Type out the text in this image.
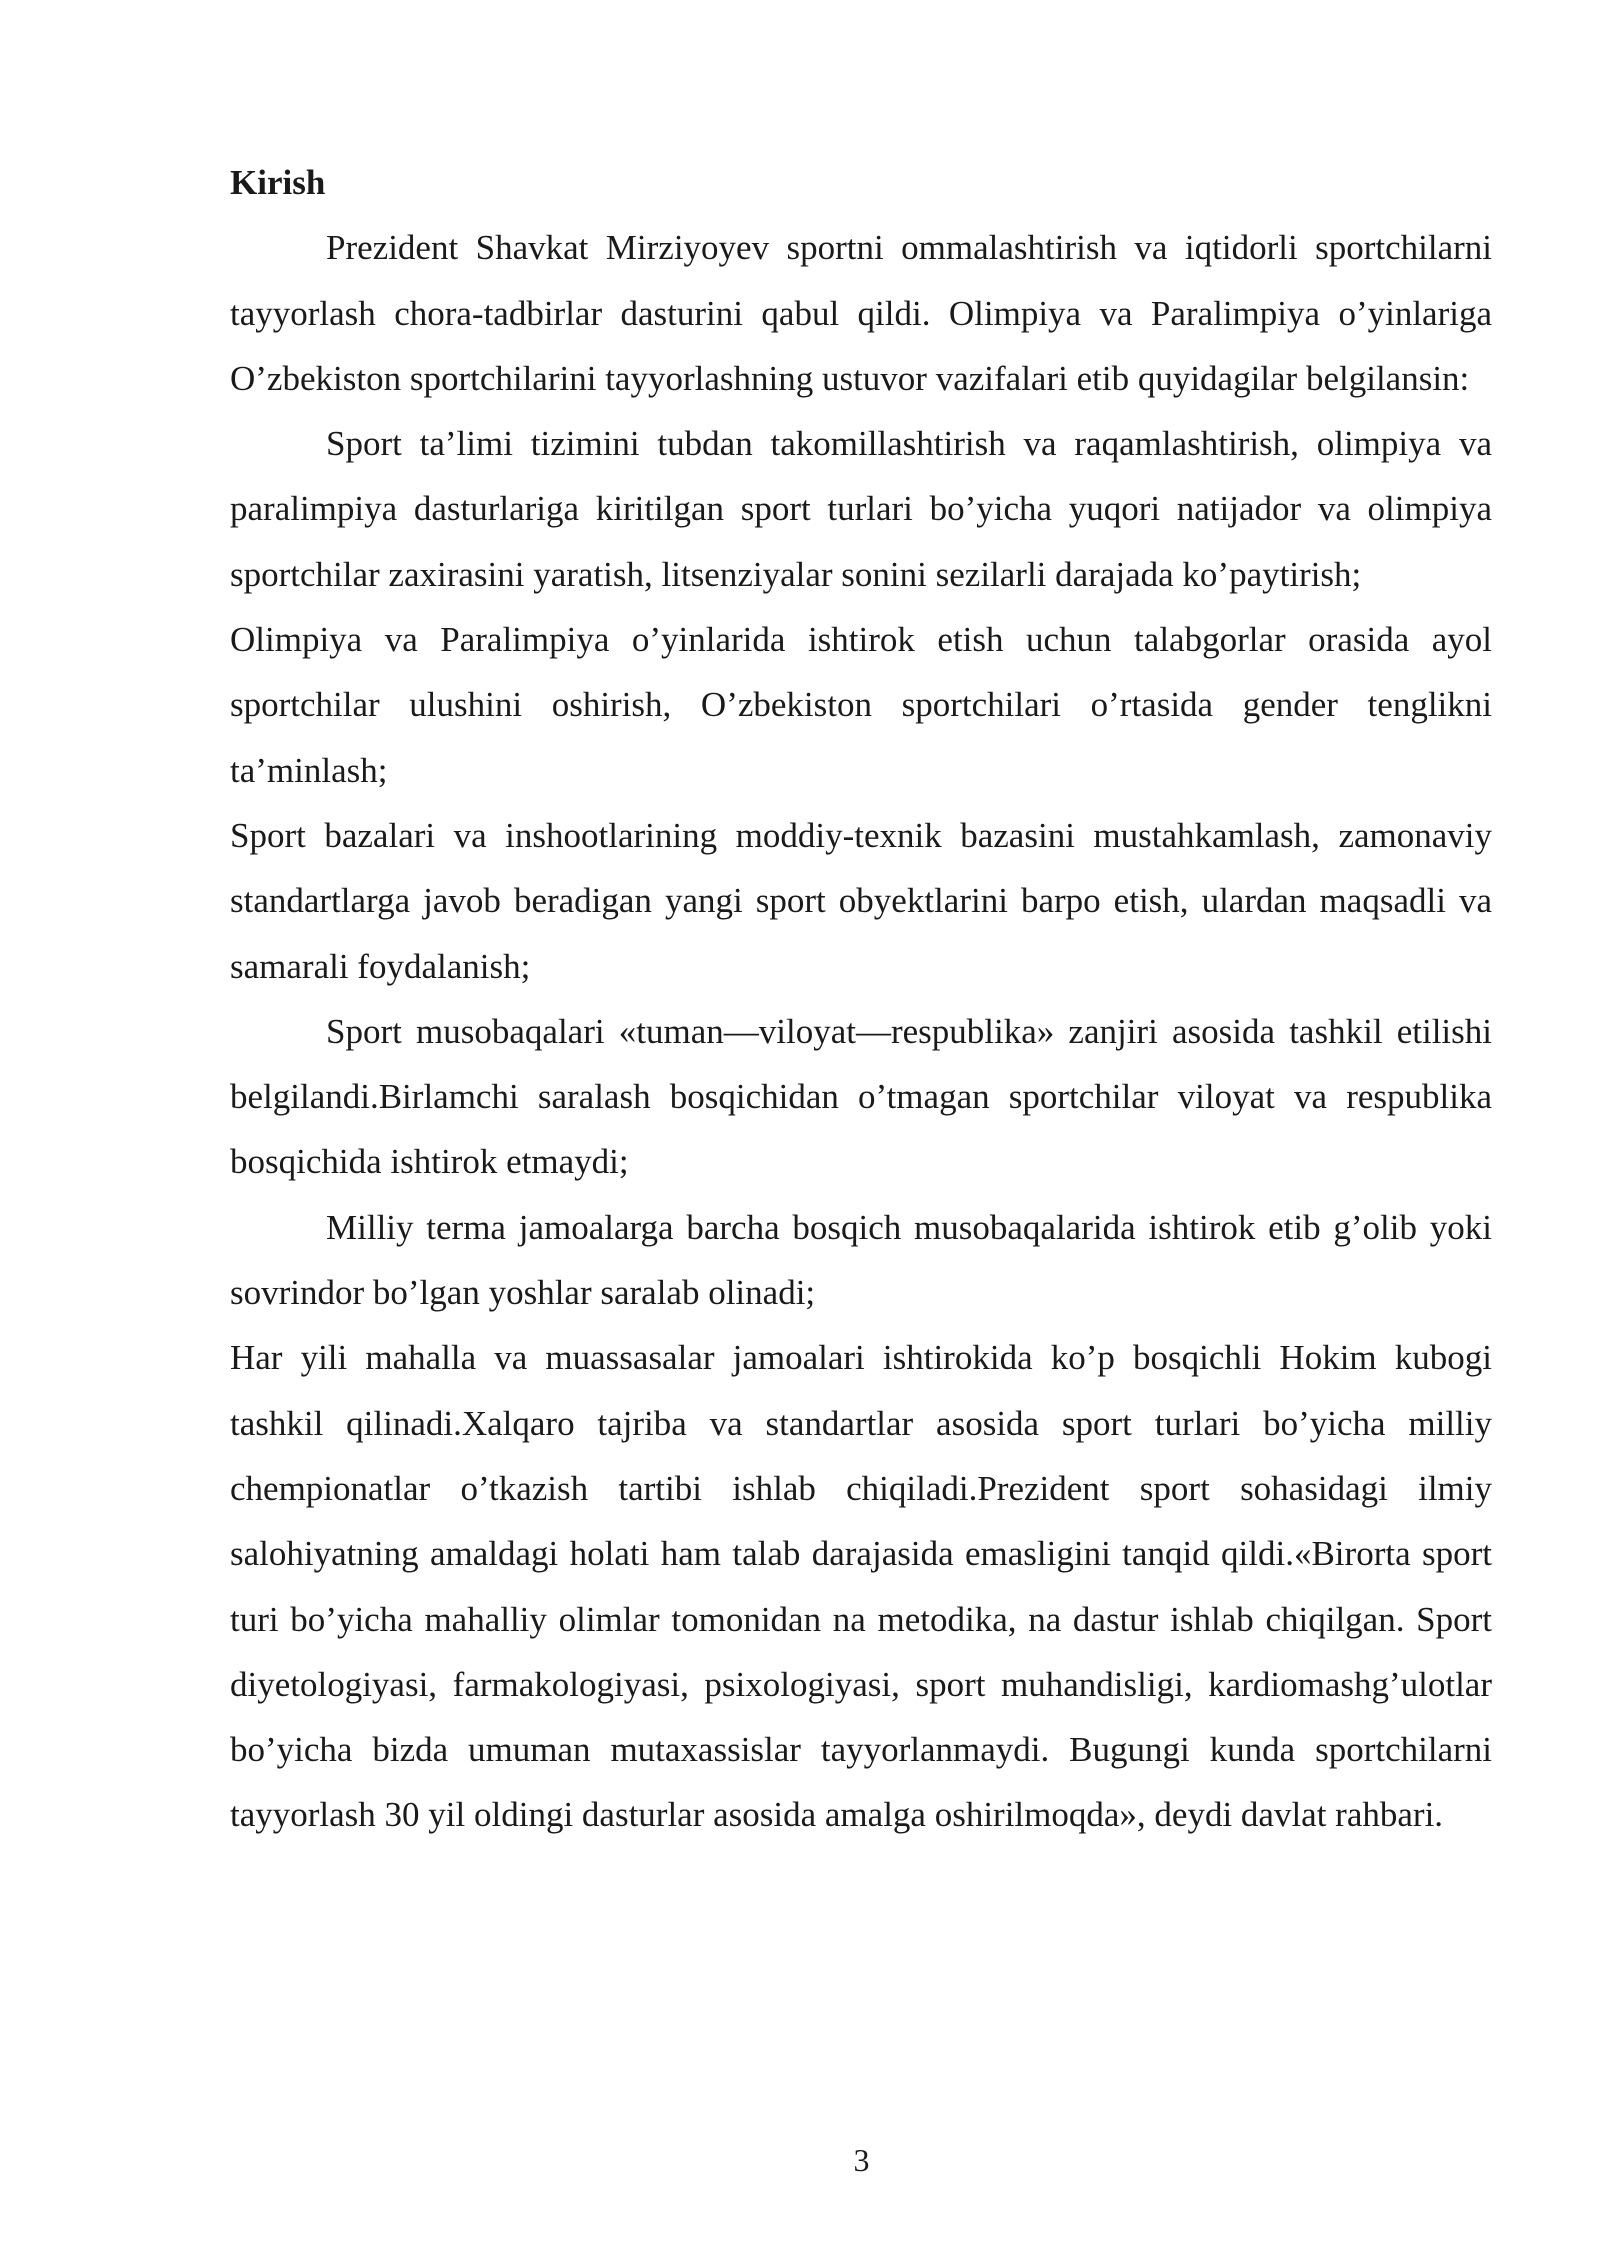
Kirish

Prezident Shavkat Mirziyoyev sportni ommalashtirish va iqtidorli sportchilarni tayyorlash chora-tadbirlar dasturini qabul qildi. Olimpiya va Paralimpiya o’yinlariga O’zbekiston sportchilarini tayyorlashning ustuvor vazifalari etib quyidagilar belgilansin:

Sport ta’limi tizimini tubdan takomillashtirish va raqamlashtirish, olimpiya va paralimpiya dasturlariga kiritilgan sport turlari bo’yicha yuqori natijador va olimpiya sportchilar zaxirasini yaratish, litsenziyalar sonini sezilarli darajada ko’paytirish;

Olimpiya va Paralimpiya o’yinlarida ishtirok etish uchun talabgorlar orasida ayol sportchilar ulushini oshirish, O’zbekiston sportchilari o’rtasida gender tenglikni ta’minlash;

Sport bazalari va inshootlarining moddiy-texnik bazasini mustahkamlash, zamonaviy standartlarga javob beradigan yangi sport obyektlarini barpo etish, ulardan maqsadli va samarali foydalanish;

Sport musobaqalari «tuman—viloyat—respublika» zanjiri asosida tashkil etilishi belgilandi.Birlamchi saralash bosqichidan o’tmagan sportchilar viloyat va respublika bosqichida ishtirok etmaydi;

Milliy terma jamoalarga barcha bosqich musobaqalarida ishtirok etib g’olib yoki sovrindor bo’lgan yoshlar saralab olinadi;

Har yili mahalla va muassasalar jamoalari ishtirokida ko’p bosqichli Hokim kubogi tashkil qilinadi.Xalqaro tajriba va standartlar asosida sport turlari bo’yicha milliy chempionatlar o’tkazish tartibi ishlab chiqiladi.Prezident sport sohasidagi ilmiy salohiyatning amaldagi holati ham talab darajasida emasligini tanqid qildi.«Birorta sport turi bo’yicha mahalliy olimlar tomonidan na metodika, na dastur ishlab chiqilgan. Sport diyetologiyasi, farmakologiyasi, psixologiyasi, sport muhandisligi, kardiomashg’ulotlar bo’yicha bizda umuman mutaxassislar tayyorlanmaydi. Bugungi kunda sportchilarni tayyorlash 30 yil oldingi dasturlar asosida amalga oshirilmoqda», deydi davlat rahbari.

3
